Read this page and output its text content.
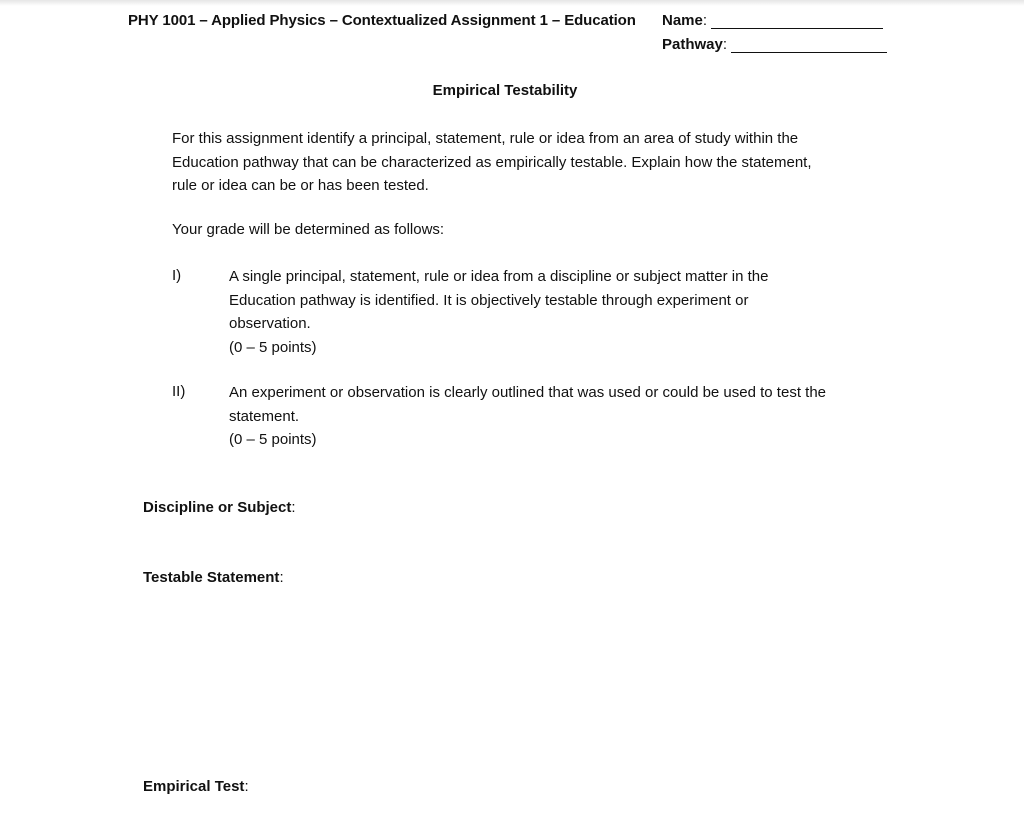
PHY 1001 – Applied Physics – Contextualized Assignment 1 – Education Name :
Pathway :
Empirical Testability
For this assignment identify a principal, statement, rule or idea from an area of study within the
Education pathway that can be characterized as empirically testable. Explain how the statement,
rule or idea can be or has been tested.
Your grade will be determined as follows:
I)	A single principal, statement, rule or idea from a discipline or subject matter in the
Education pathway is identified. It is objectively testable through experiment or
observation.
(0 – 5 points)
II)	An experiment or observation is clearly outlined that was used or could be used to test the
statement.
(0 – 5 points)
Discipline or Subject:
Testable Statement:
Empirical Test:
